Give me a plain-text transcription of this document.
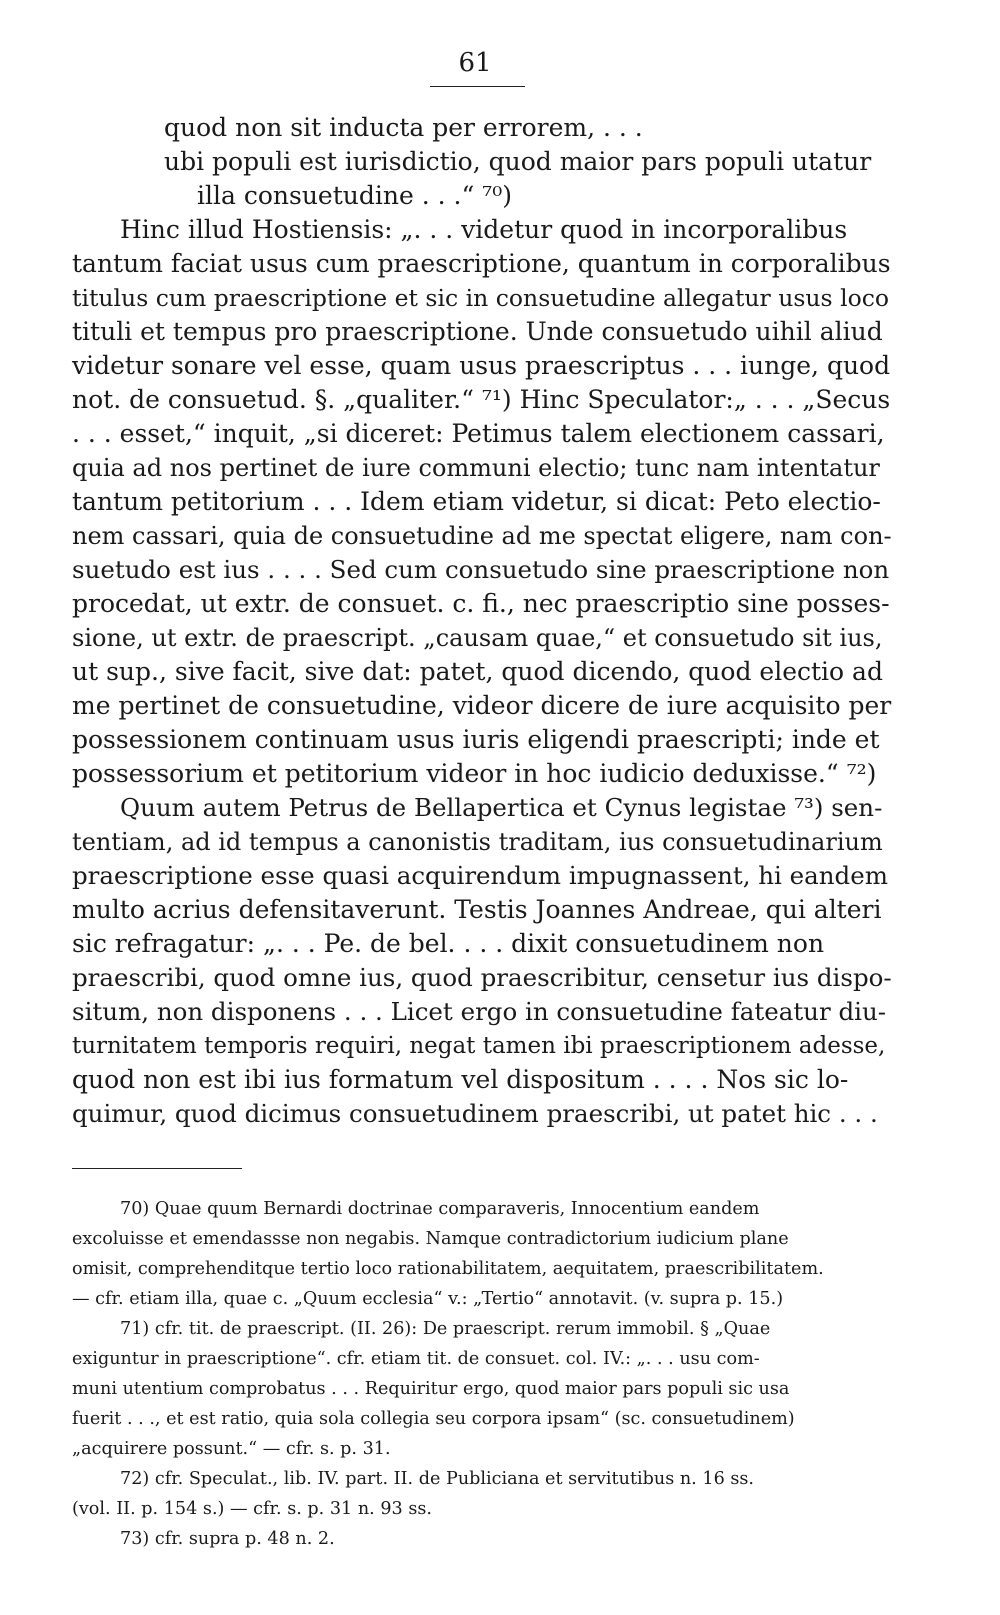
61
quod non sit inducta per errorem, . . .
ubi populi est iurisdictio, quod maior pars populi utatur
illa consuetudine . . .“ ⁷⁰)
Hinc illud Hostiensis: „. . . videtur quod in incorporalibus
tantum faciat usus cum praescriptione, quantum in corporalibus
titulus cum praescriptione et sic in consuetudine allegatur usus loco
tituli et tempus pro praescriptione. Unde consuetudo uihil aliud
videtur sonare vel esse, quam usus praescriptus . . . iunge, quod
not. de consuetud. §. „qualiter.“ ⁷¹) Hinc Speculator:„ . . . „Secus
. . . esset,“ inquit, „si diceret: Petimus talem electionem cassari,
quia ad nos pertinet de iure communi electio; tunc nam intentatur
tantum petitorium . . . Idem etiam videtur, si dicat: Peto electio-
nem cassari, quia de consuetudine ad me spectat eligere, nam con-
suetudo est ius . . . . Sed cum consuetudo sine praescriptione non
procedat, ut extr. de consuet. c. fi., nec praescriptio sine posses-
sione, ut extr. de praescript. „causam quae,“ et consuetudo sit ius,
ut sup., sive facit, sive dat: patet, quod dicendo, quod electio ad
me pertinet de consuetudine, videor dicere de iure acquisito per
possessionem continuam usus iuris eligendi praescripti; inde et
possessorium et petitorium videor in hoc iudicio deduxisse.“ ⁷²)
Quum autem Petrus de Bellapertica et Cynus legistae ⁷³) sen-
tentiam, ad id tempus a canonistis traditam, ius consuetudinarium
praescriptione esse quasi acquirendum impugnassent, hi eandem
multo acrius defensitaverunt. Testis Joannes Andreae, qui alteri
sic refragatur: „. . . Pe. de bel. . . . dixit consuetudinem non
praescribi, quod omne ius, quod praescribitur, censetur ius dispo-
situm, non disponens . . . Licet ergo in consuetudine fateatur diu-
turnitatem temporis requiri, negat tamen ibi praescriptionem adesse,
quod non est ibi ius formatum vel dispositum . . . . Nos sic lo-
quimur, quod dicimus consuetudinem praescribi, ut patet hic . . .
70) Quae quum Bernardi doctrinae comparaveris, Innocentium eandem
excoluisse et emendassse non negabis. Namque contradictorium iudicium plane
omisit, comprehenditque tertio loco rationabilitatem, aequitatem, praescribilitatem.
— cfr. etiam illa, quae c. „Quum ecclesia“ v.: „Tertio“ annotavit. (v. supra p. 15.)
71) cfr. tit. de praescript. (II. 26): De praescript. rerum immobil. § „Quae
exiguntur in praescriptione“. cfr. etiam tit. de consuet. col. IV.: „. . . usu com-
muni utentium comprobatus . . . Requiritur ergo, quod maior pars populi sic usa
fuerit . . ., et est ratio, quia sola collegia seu corpora ipsam“ (sc. consuetudinem)
„acquirere possunt.“ — cfr. s. p. 31.
72) cfr. Speculat., lib. IV. part. II. de Publiciana et servitutibus n. 16 ss.
(vol. II. p. 154 s.) — cfr. s. p. 31 n. 93 ss.
73) cfr. supra p. 48 n. 2.
